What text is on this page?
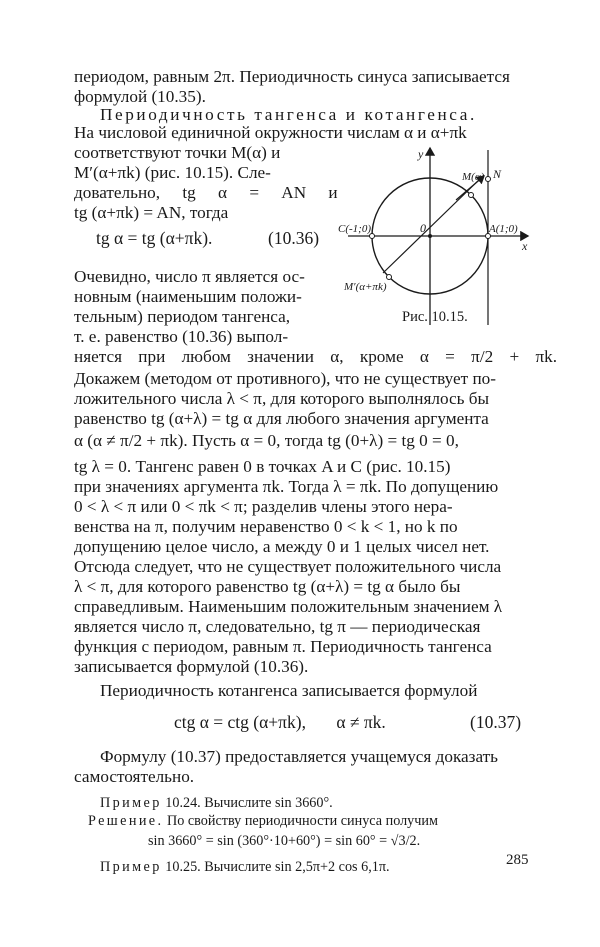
периодом, равным 2π. Периодичность синуса записывается
формулой (10.35).
Периодичность тангенса и котангенса.
На числовой единичной окружности числам α и α+πk
соответствуют точки M(α) и
M′(α+πk) (рис. 10.15). Сле-
довательно, tg α = AN и
tg (α+πk) = AN, тогда
tg α = tg (α+πk).	(10.36)
Очевидно, число π является ос-
новным (наименьшим положи-
тельным) периодом тангенса,
т. е. равенство (10.36) выпол-
няется при любом значении α, кроме α = π/2 + πk.
Докажем (методом от противного), что не существует по-
ложительного числа λ < π, для которого выполнялось бы
равенство tg (α+λ) = tg α для любого значения аргумента
α (α ≠ π/2 + πk). Пусть α = 0, тогда tg (0+λ) = tg 0 = 0,
tg λ = 0. Тангенс равен 0 в точках A и C (рис. 10.15)
при значениях аргумента πk. Тогда λ = πk. По допущению
0 < λ < π или 0 < πk < π; разделив члены этого нера-
венства на π, получим неравенство 0 < k < 1, но k по
допущению целое число, а между 0 и 1 целых чисел нет.
Отсюда следует, что не существует положительного числа
λ < π, для которого равенство tg (α+λ) = tg α было бы
справедливым. Наименьшим положительным значением λ
является число π, следовательно, tg π — периодическая
функция с периодом, равным π. Периодичность тангенса
записывается формулой (10.36).
Периодичность котангенса записывается формулой
ctg α = ctg (α+πk), α ≠ πk.	(10.37)
Формулу (10.37) предоставляется учащемуся доказать
самостоятельно.
Пример 10.24. Вычислите sin 3660°.
Решение. По свойству периодичности синуса получим
sin 3660° = sin (360°·10+60°) = sin 60° = √3/2.
Пример 10.25. Вычислите sin 2,5π+2 cos 6,1π.
y
x
0
M(α) N
A(1;0)
C(-1;0)
M′(α+πk)
Рис. 10.15.
285
